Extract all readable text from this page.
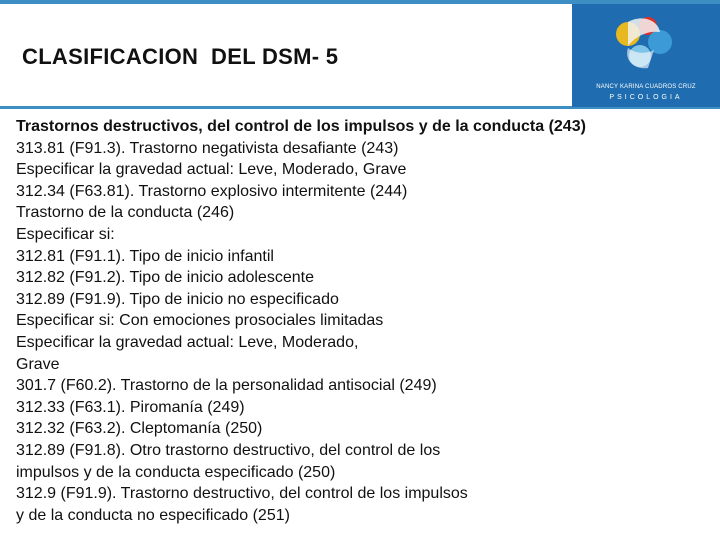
CLASIFICACION  DEL DSM- 5
NANCY KARINA CUADROS CRUZ
PSICOLOGIA
Trastornos destructivos, del control de los impulsos y de la conducta (243)
313.81 (F91.3). Trastorno negativista desafiante (243)
Especificar la gravedad actual: Leve, Moderado, Grave
312.34 (F63.81). Trastorno explosivo intermitente (244)
Trastorno de la conducta (246)
Especificar si:
312.81 (F91.1). Tipo de inicio infantil
312.82 (F91.2). Tipo de inicio adolescente
312.89 (F91.9). Tipo de inicio no especificado
Especificar si: Con emociones prosociales limitadas
Especificar la gravedad actual: Leve, Moderado,
Grave
301.7 (F60.2). Trastorno de la personalidad antisocial (249)
312.33 (F63.1). Piromanía (249)
312.32 (F63.2). Cleptomanía (250)
312.89 (F91.8). Otro trastorno destructivo, del control de los
impulsos y de la conducta especificado (250)
312.9 (F91.9). Trastorno destructivo, del control de los impulsos
y de la conducta no especificado (251)
